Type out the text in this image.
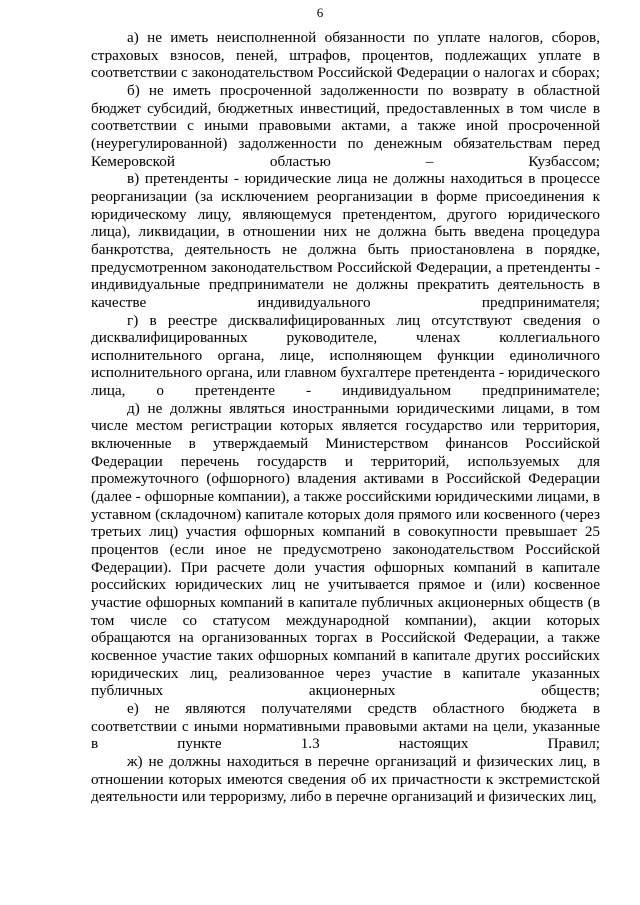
6

а) не иметь неисполненной обязанности по уплате налогов, сборов, страховых взносов, пеней, штрафов, процентов, подлежащих уплате в соответствии с законодательством Российской Федерации о налогах и сборах;

б) не иметь просроченной задолженности по возврату в областной бюджет субсидий, бюджетных инвестиций, предоставленных в том числе в соответствии с иными правовыми актами, а также иной просроченной (неурегулированной) задолженности по денежным обязательствам перед Кемеровской областью – Кузбассом;

в) претенденты - юридические лица не должны находиться в процессе реорганизации (за исключением реорганизации в форме присоединения к юридическому лицу, являющемуся претендентом, другого юридического лица), ликвидации, в отношении них не должна быть введена процедура банкротства, деятельность не должна быть приостановлена в порядке, предусмотренном законодательством Российской Федерации, а претенденты - индивидуальные предприниматели не должны прекратить деятельность в качестве индивидуального предпринимателя;

г) в реестре дисквалифицированных лиц отсутствуют сведения о дисквалифицированных руководителе, членах коллегиального исполнительного органа, лице, исполняющем функции единоличного исполнительного органа, или главном бухгалтере претендента - юридического лица, о претенденте - индивидуальном предпринимателе;

д) не должны являться иностранными юридическими лицами, в том числе местом регистрации которых является государство или территория, включенные в утверждаемый Министерством финансов Российской Федерации перечень государств и территорий, используемых для промежуточного (офшорного) владения активами в Российской Федерации (далее - офшорные компании), а также российскими юридическими лицами, в уставном (складочном) капитале которых доля прямого или косвенного (через третьих лиц) участия офшорных компаний в совокупности превышает 25 процентов (если иное не предусмотрено законодательством Российской Федерации). При расчете доли участия офшорных компаний в капитале российских юридических лиц не учитывается прямое и (или) косвенное участие офшорных компаний в капитале публичных акционерных обществ (в том числе со статусом международной компании), акции которых обращаются на организованных торгах в Российской Федерации, а также косвенное участие таких офшорных компаний в капитале других российских юридических лиц, реализованное через участие в капитале указанных публичных акционерных обществ;

е) не являются получателями средств областного бюджета в соответствии с иными нормативными правовыми актами на цели, указанные в пункте 1.3 настоящих Правил;

ж) не должны находиться в перечне организаций и физических лиц, в отношении которых имеются сведения об их причастности к экстремистской деятельности или терроризму, либо в перечне организаций и физических лиц,
